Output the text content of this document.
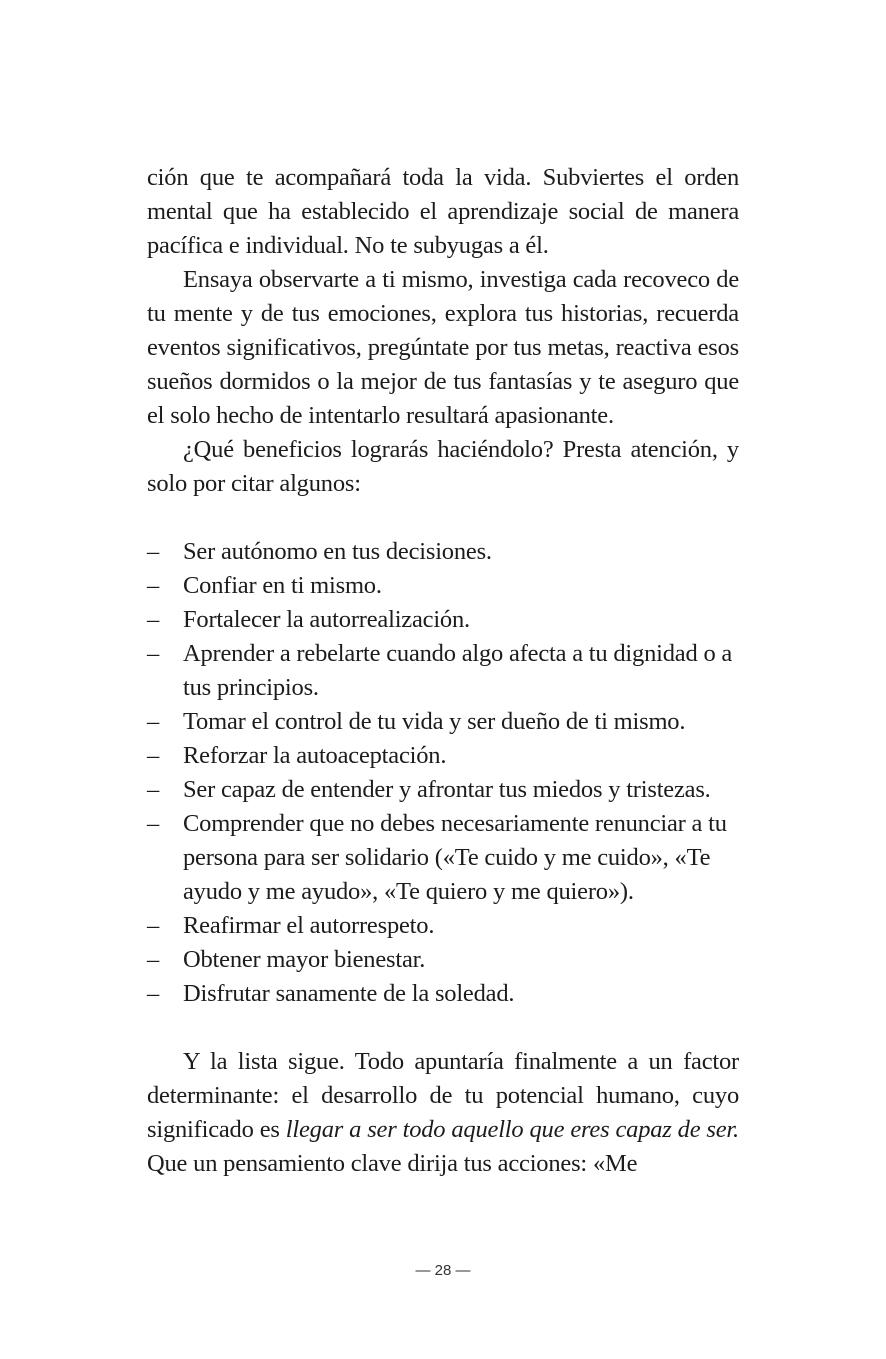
ción que te acompañará toda la vida. Subviertes el orden mental que ha establecido el aprendizaje social de manera pacífica e individual. No te subyugas a él.

Ensaya observarte a ti mismo, investiga cada recoveco de tu mente y de tus emociones, explora tus historias, recuerda eventos significativos, pregúntate por tus metas, reactiva esos sueños dormidos o la mejor de tus fantasías y te aseguro que el solo hecho de intentarlo resultará apasionante.

¿Qué beneficios lograrás haciéndolo? Presta atención, y solo por citar algunos:

– Ser autónomo en tus decisiones.
– Confiar en ti mismo.
– Fortalecer la autorrealización.
– Aprender a rebelarte cuando algo afecta a tu dignidad o a tus principios.
– Tomar el control de tu vida y ser dueño de ti mismo.
– Reforzar la autoaceptación.
– Ser capaz de entender y afrontar tus miedos y tristezas.
– Comprender que no debes necesariamente renunciar a tu persona para ser solidario («Te cuido y me cuido», «Te ayudo y me ayudo», «Te quiero y me quiero»).
– Reafirmar el autorrespeto.
– Obtener mayor bienestar.
– Disfrutar sanamente de la soledad.

Y la lista sigue. Todo apuntaría finalmente a un factor determinante: el desarrollo de tu potencial humano, cuyo significado es llegar a ser todo aquello que eres capaz de ser. Que un pensamiento clave dirija tus acciones: «Me

— 28 —
